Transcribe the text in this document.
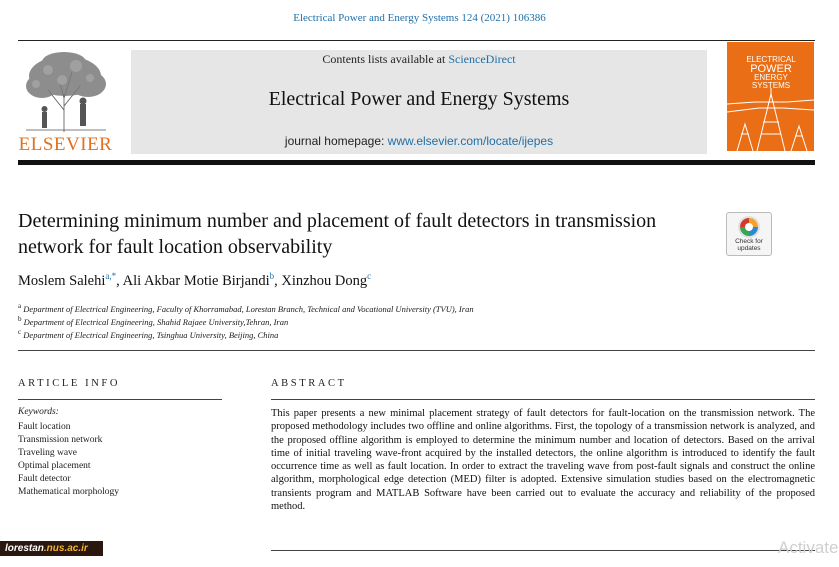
Electrical Power and Energy Systems 124 (2021) 106386
ELSEVIER
Contents lists available at ScienceDirect
Electrical Power and Energy Systems
journal homepage: www.elsevier.com/locate/ijepes
ELECTRICAL
POWER
ENERGY
SYSTEMS
Determining minimum number and placement of fault detectors in transmission network for fault location observability	Check for updates
Moslem Salehi$^{a,*}$, Ali Akbar Motie Birjandi$^b$, Xinzhou Dong$^c$
$^a$ Department of Electrical Engineering, Faculty of Khorramabad, Lorestan Branch, Technical and Vocational University (TVU), Iran
$^b$ Department of Electrical Engineering, Shahid Rajaee University,Tehran, Iran
$^c$ Department of Electrical Engineering, Tsinghua University, Beijing, China
ARTICLE INFO
Keywords:
Fault location
Transmission network
Traveling wave
Optimal placement
Fault detector
Mathematical morphology
ABSTRACT
This paper presents a new minimal placement strategy of fault detectors for fault-location on the transmission network. The proposed methodology includes two offline and online algorithms. First, the topology of a transmission network is analyzed, and the proposed offline algorithm is employed to determine the minimum number and location of detectors. Based on the arrival time of initial traveling wave-front acquired by the installed detectors, the online algorithm is introduced to identify the fault occurrence time as well as fault location. In order to extract the traveling wave from post-fault signals and construct the online algorithm, morphological edge detection (MED) filter is adopted. Extensive simulation studies based on the electromagnetic transients program and MATLAB Software have been carried out to evaluate the accuracy and reliability of the proposed method.
lorestan.nus.ac.ir	Activate
